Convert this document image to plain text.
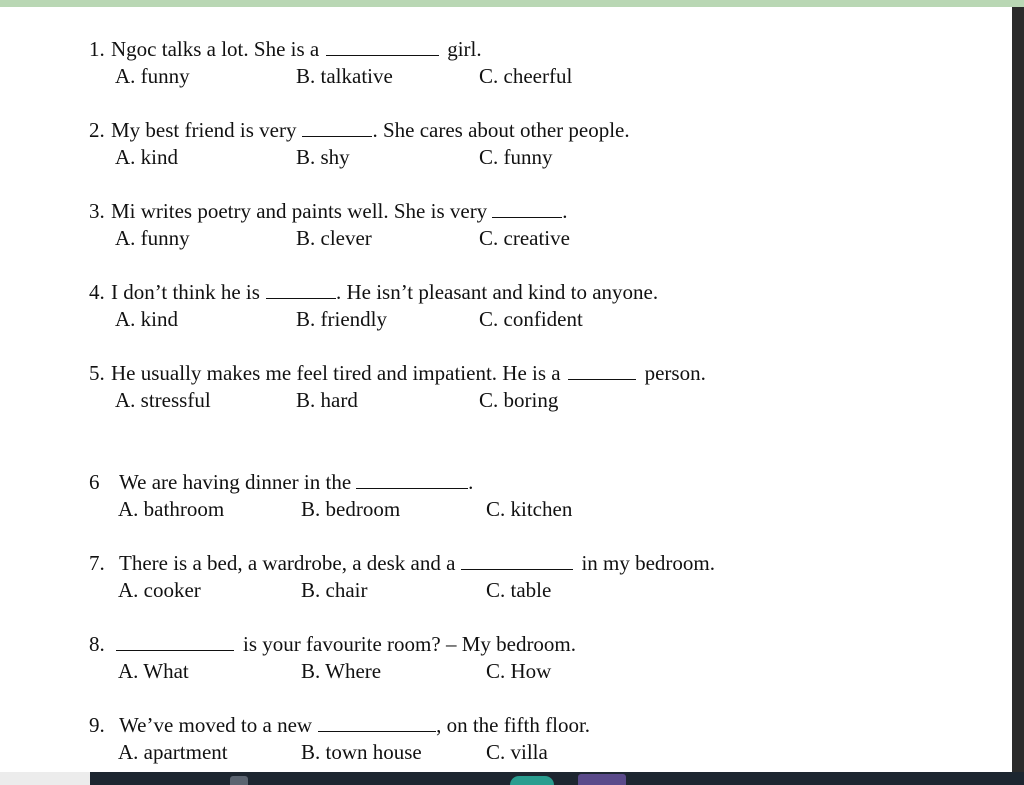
1. Ngoc talks a lot. She is a	girl.
A. funny	B. talkative	C. cheerful
2. My best friend is very	. She cares about other people.
A. kind	B. shy	C. funny
3. Mi writes poetry and paints well. She is very	.
A. funny	B. clever	C. creative
4. I don’t think he is	. He isn’t pleasant and kind to anyone.
A. kind	B. friendly	C. confident
5. He usually makes me feel tired and impatient. He is a	person.
A. stressful	B. hard	C. boring
6 We are having dinner in the	.
A. bathroom	B. bedroom	C. kitchen
7. There is a bed, a wardrobe, a desk and a	in my bedroom.
A. cooker	B. chair	C. table
8.	is your favourite room? – My bedroom.
A. What	B. Where	C. How
9. We’ve moved to a new	, on the fifth floor.
A. apartment	B. town house	C. villa
